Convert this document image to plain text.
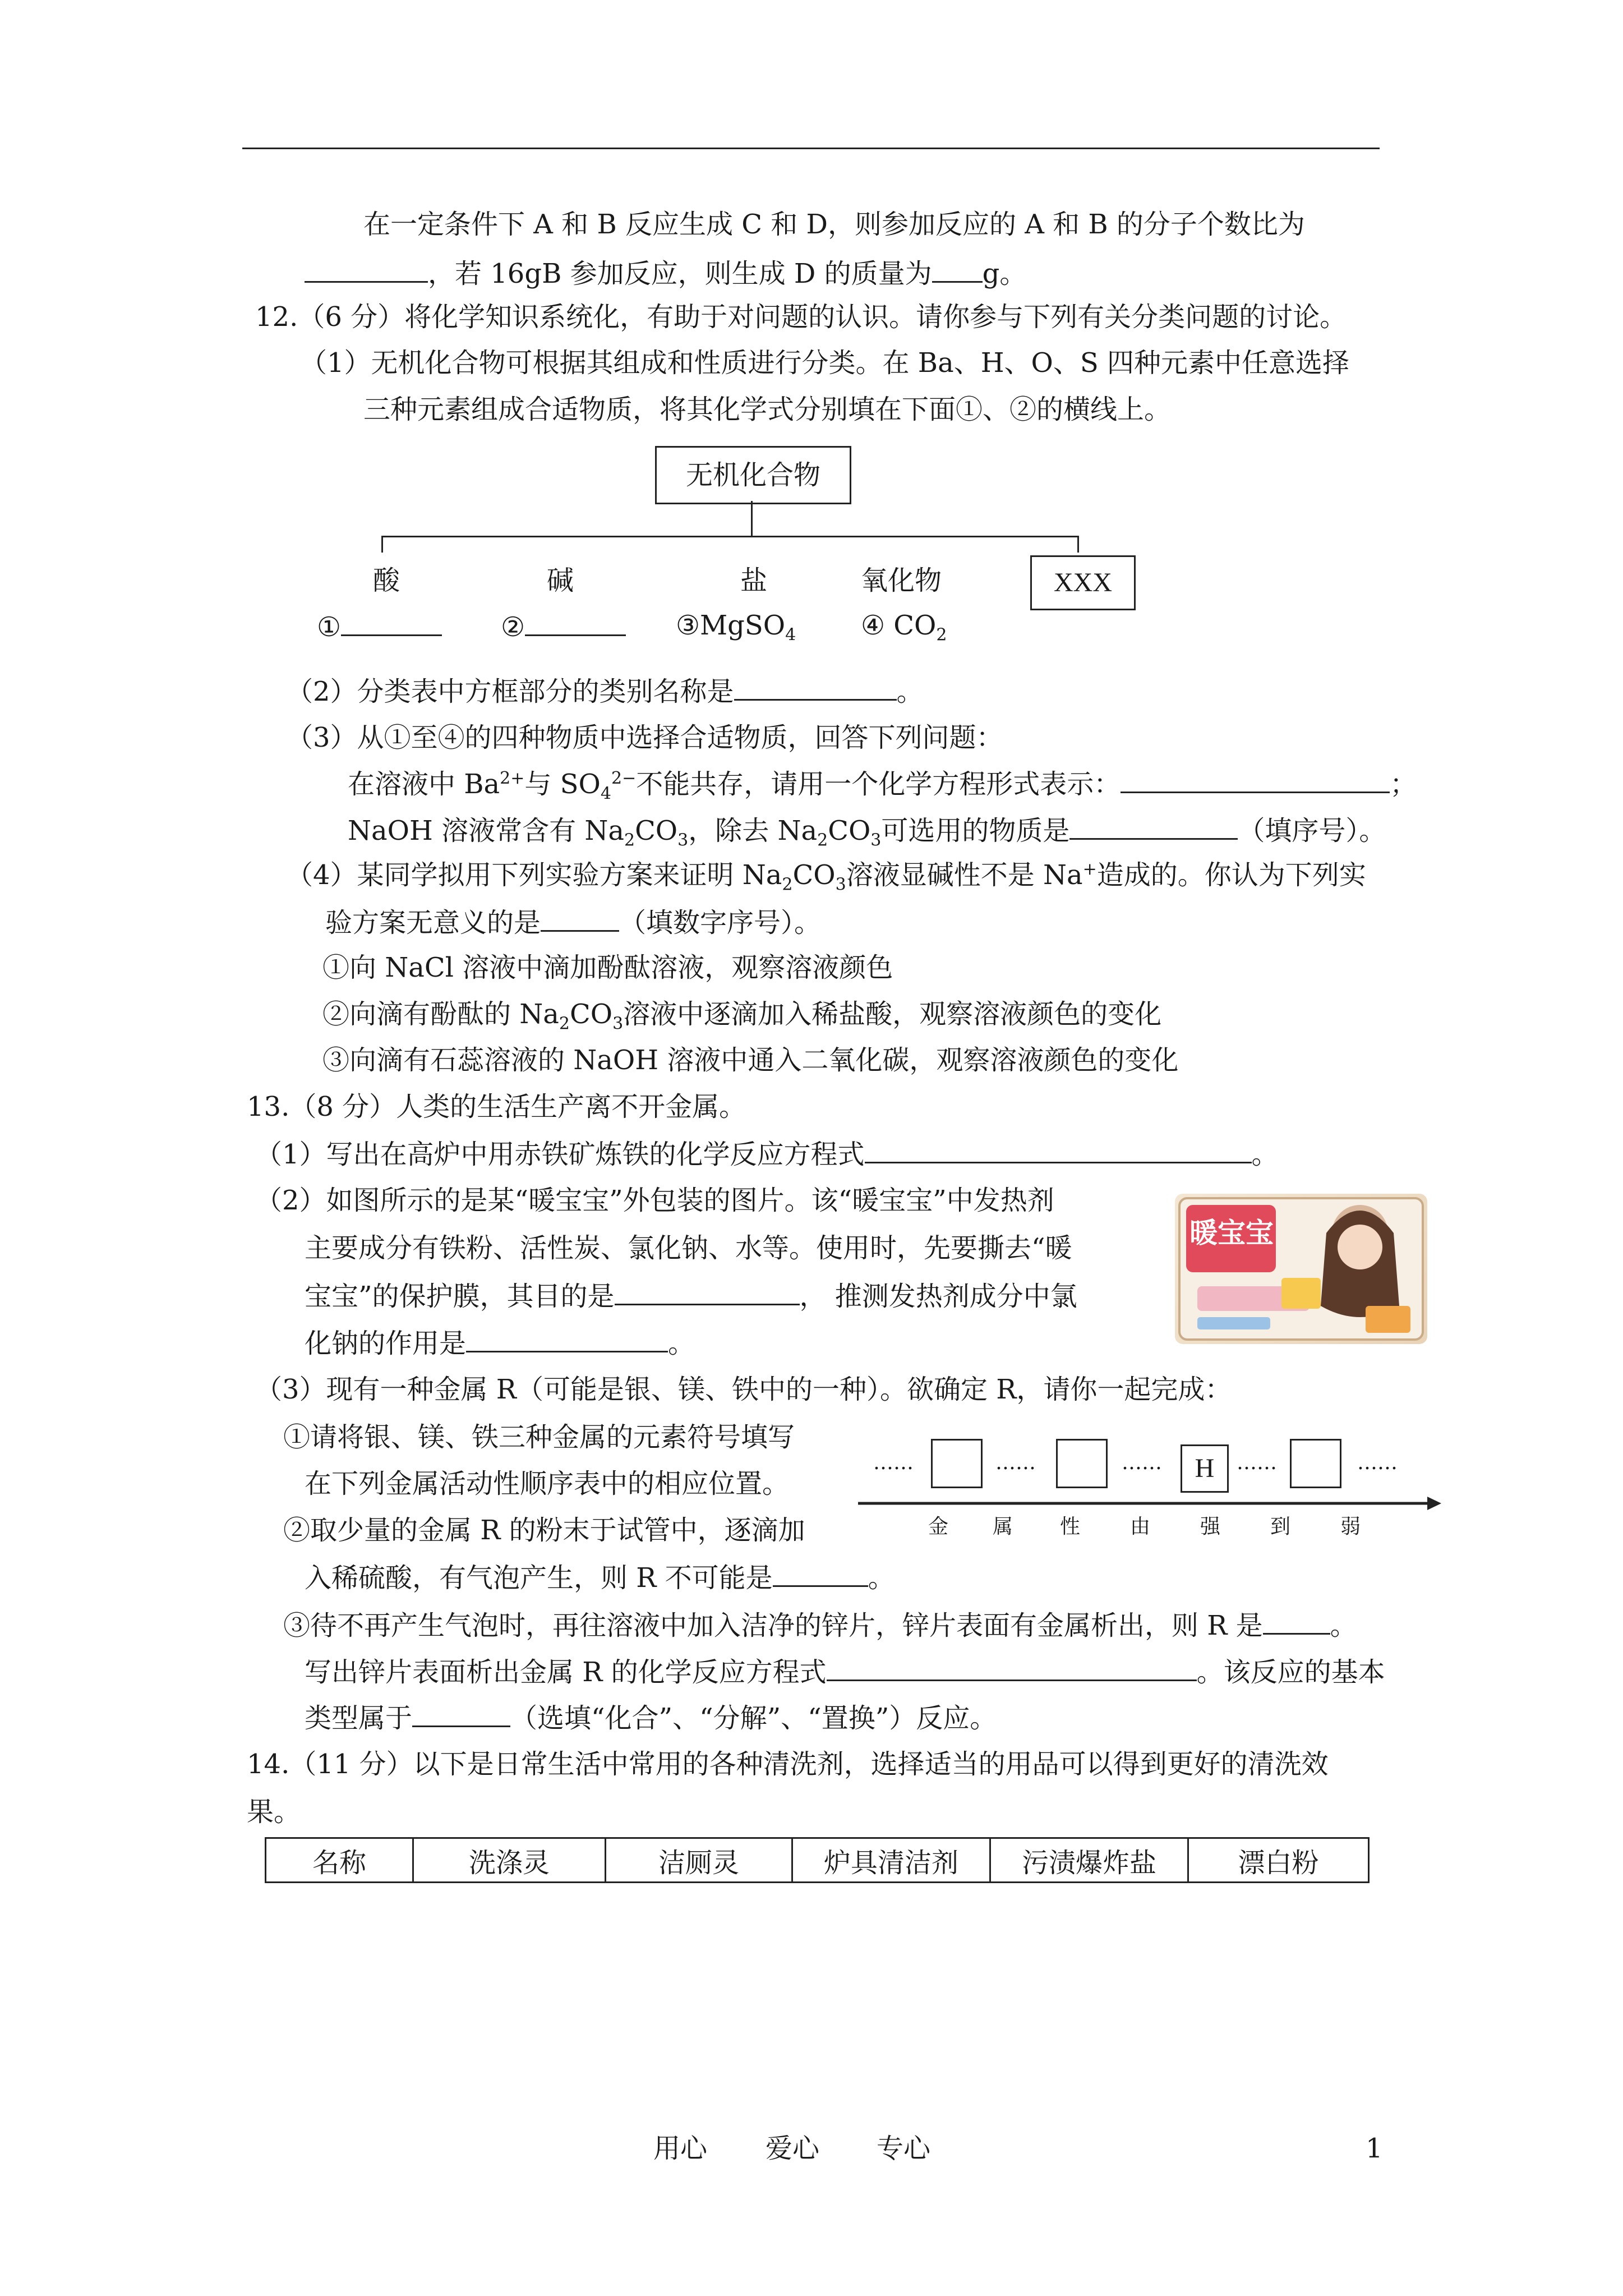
在一定条件下 A 和 B 反应生成 C 和 D，则参加反应的 A 和 B 的分子个数比为
，若 16gB 参加反应，则生成 D 的质量为 g。
12.（6 分）将化学知识系统化，有助于对问题的认识。请你参与下列有关分类问题的讨论。
（1）无机化合物可根据其组成和性质进行分类。在 Ba、H、O、S 四种元素中任意选择
三种元素组成合适物质，将其化学式分别填在下面①、②的横线上。
无机化合物
酸	碱	盐	氧化物	XXX
①	②	③MgSO$_4$ ④ $CO_2$
（2）分类表中方框部分的类别名称是	。
（3）从①至④的四种物质中选择合适物质，回答下列问题：
在溶液中 $Ba^{2+}$与 $SO_4^{2-}$不能共存，请用一个化学方程形式表示：	；
NaOH 溶液常含有 $Na_2CO_3$，除去 $Na_2CO_3$可选用的物质是	（填序号）。
（4）某同学拟用下列实验方案来证明 $Na_2CO_3$溶液显碱性不是 Na+造成的。你认为下列实
验方案无意义的是	（填数字序号）。
①向 NaCl 溶液中滴加酚酞溶液，观察溶液颜色
②向滴有酚酞的 $Na_2CO_3$溶液中逐滴加入稀盐酸，观察溶液颜色的变化
③向滴有石蕊溶液的 NaOH 溶液中通入二氧化碳，观察溶液颜色的变化
13.（8 分）人类的生活生产离不开金属。
（1）写出在高炉中用赤铁矿炼铁的化学反应方程式	。
（2）如图所示的是某“暖宝宝”外包装的图片。该“暖宝宝”中发热剂
主要成分有铁粉、活性炭、氯化钠、水等。使用时，先要撕去“暖
宝宝”的保护膜，其目的是	， 推测发热剂成分中氯
化钠的作用是	。
暖宝宝
（3）现有一种金属 R（可能是银、镁、铁中的一种）。欲确定 R，请你一起完成：
①请将银、镁、铁三种金属的元素符号填写
在下列金属活动性顺序表中的相应位置。
②取少量的金属 R 的粉末于试管中，逐滴加
入稀硫酸，有气泡产生，则 R 不可能是	。
……	……	……	H	……	……
金 属 性 由 强 到 弱
③待不再产生气泡时，再往溶液中加入洁净的锌片，锌片表面有金属析出，则 R 是	。
写出锌片表面析出金属 R 的化学反应方程式	。该反应的基本
类型属于	（选填“化合”、“分解”、“置换”）反应。
14.（11 分）以下是日常生活中常用的各种清洗剂，选择适当的用品可以得到更好的清洗效
果。
名称	洗涤灵	洁厕灵	炉具清洁剂	污渍爆炸盐	漂白粉
用心 爱心 专心	1
